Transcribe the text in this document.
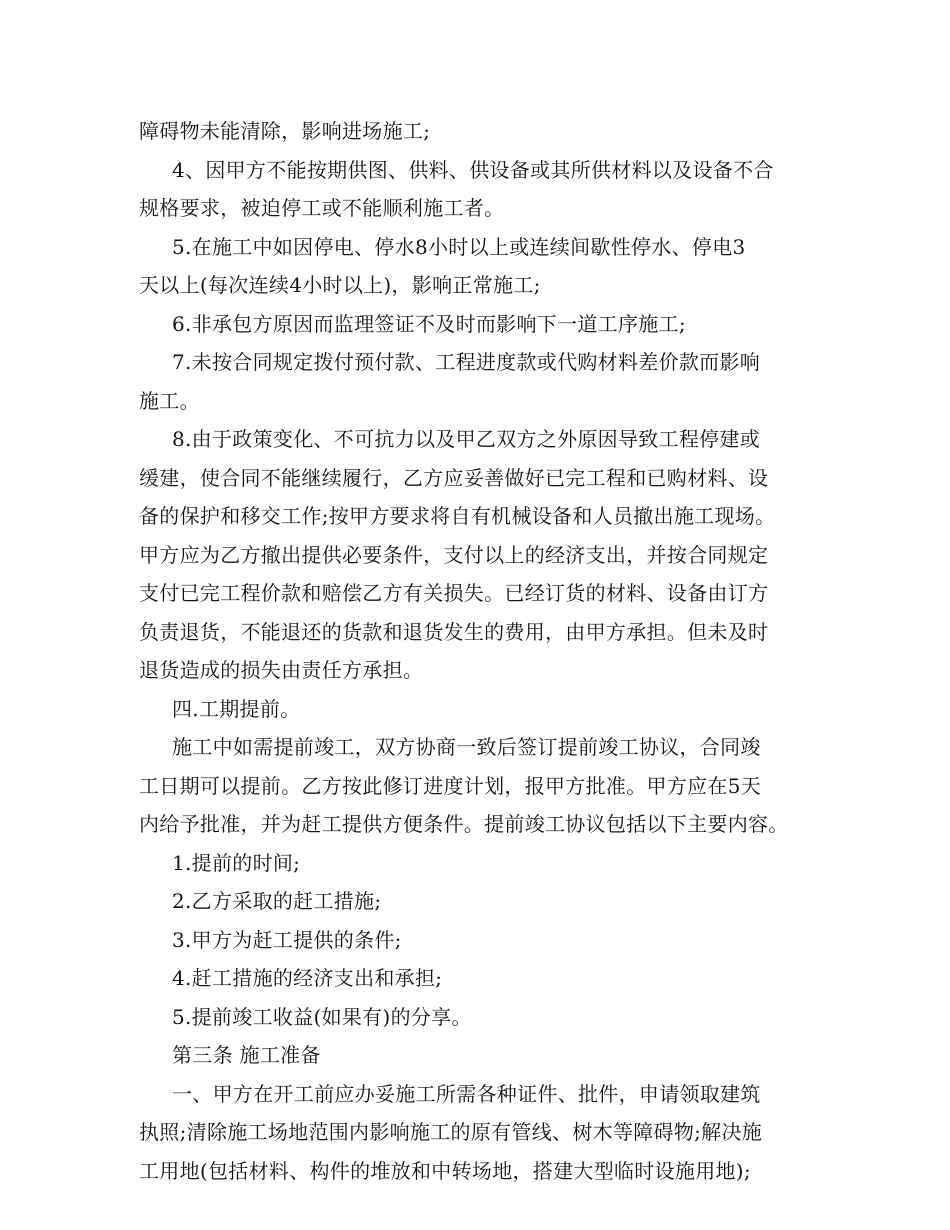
障碍物未能清除，影响进场施工;
4、因甲方不能按期供图、供料、供设备或其所供材料以及设备不合
规格要求，被迫停工或不能顺利施工者。
5.在施工中如因停电、停水8小时以上或连续间歇性停水、停电3
天以上(每次连续4小时以上)，影响正常施工;
6.非承包方原因而监理签证不及时而影响下一道工序施工;
7.未按合同规定拨付预付款、工程进度款或代购材料差价款而影响
施工。
8.由于政策变化、不可抗力以及甲乙双方之外原因导致工程停建或
缓建，使合同不能继续履行，乙方应妥善做好已完工程和已购材料、设
备的保护和移交工作;按甲方要求将自有机械设备和人员撤出施工现场。
甲方应为乙方撤出提供必要条件，支付以上的经济支出，并按合同规定
支付已完工程价款和赔偿乙方有关损失。已经订货的材料、设备由订方
负责退货，不能退还的货款和退货发生的费用，由甲方承担。但未及时
退货造成的损失由责任方承担。
四.工期提前。
施工中如需提前竣工，双方协商一致后签订提前竣工协议，合同竣
工日期可以提前。乙方按此修订进度计划，报甲方批准。甲方应在5天
内给予批准，并为赶工提供方便条件。提前竣工协议包括以下主要内容。
1.提前的时间;
2.乙方采取的赶工措施;
3.甲方为赶工提供的条件;
4.赶工措施的经济支出和承担;
5.提前竣工收益(如果有)的分享。
第三条 施工准备
一、甲方在开工前应办妥施工所需各种证件、批件，申请领取建筑
执照;清除施工场地范围内影响施工的原有管线、树木等障碍物;解决施
工用地(包括材料、构件的堆放和中转场地，搭建大型临时设施用地);
